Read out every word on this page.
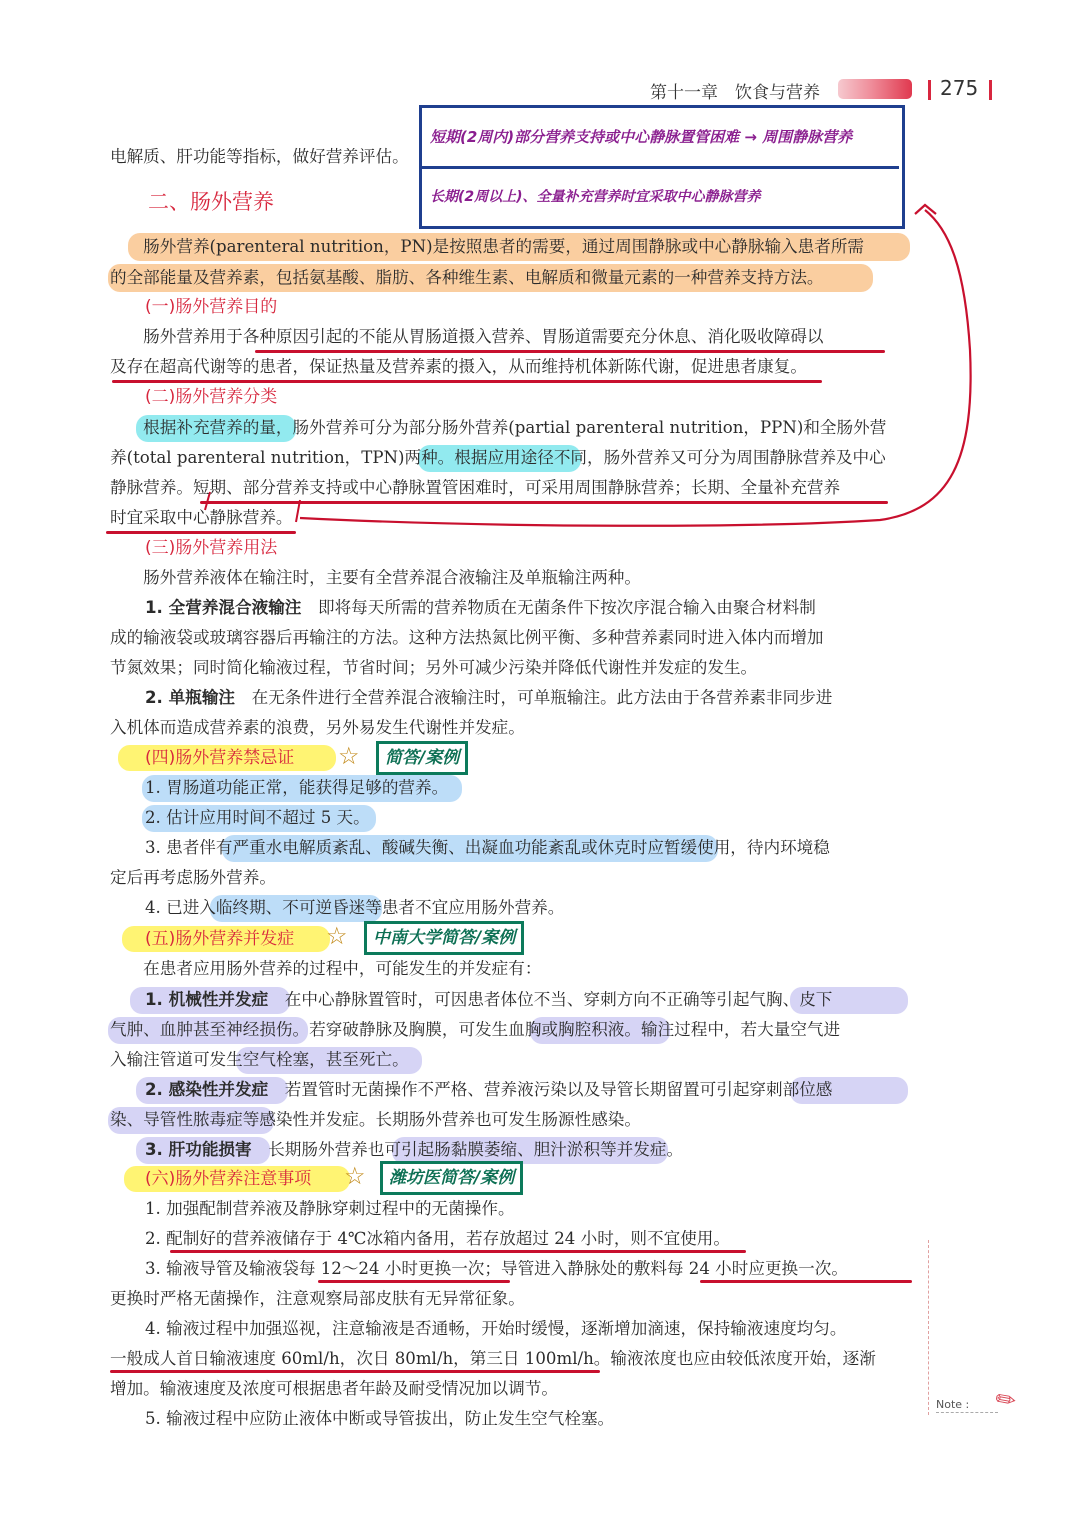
第十一章　饮食与营养	275
短期(2周内)部分营养支持或中心静脉置管困难 → 周围静脉营养
长期(2周以上)、全量补充营养时宜采取中心静脉营养
电解质、肝功能等指标，做好营养评估。
二、肠外营养
　　肠外营养(parenteral nutrition，PN)是按照患者的需要，通过周围静脉或中心静脉输入患者所需
的全部能量及营养素，包括氨基酸、脂肪、各种维生素、电解质和微量元素的一种营养支持方法。
(一)肠外营养目的
　　肠外营养用于各种原因引起的不能从胃肠道摄入营养、胃肠道需要充分休息、消化吸收障碍以
及存在超高代谢等的患者，保证热量及营养素的摄入，从而维持机体新陈代谢，促进患者康复。
(二)肠外营养分类
　　根据补充营养的量，肠外营养可分为部分肠外营养(partial parenteral nutrition，PPN)和全肠外营
养(total parenteral nutrition，TPN)两种。根据应用途径不同，肠外营养又可分为周围静脉营养及中心
静脉营养。短期、部分营养支持或中心静脉置管困难时，可采用周围静脉营养；长期、全量补充营养
时宜采取中心静脉营养。
(三)肠外营养用法
　　肠外营养液体在输注时，主要有全营养混合液输注及单瓶输注两种。
1. 全营养混合液输注　即将每天所需的营养物质在无菌条件下按次序混合输入由聚合材料制
成的输液袋或玻璃容器后再输注的方法。这种方法热氮比例平衡、多种营养素同时进入体内而增加
节氮效果；同时简化输液过程，节省时间；另外可减少污染并降低代谢性并发症的发生。
2. 单瓶输注　在无条件进行全营养混合液输注时，可单瓶输注。此方法由于各营养素非同步进
入机体而造成营养素的浪费，另外易发生代谢性并发症。
(四)肠外营养禁忌证 ☆	简答/案例
1. 胃肠道功能正常，能获得足够的营养。
2. 估计应用时间不超过 5 天。
3. 患者伴有严重水电解质紊乱、酸碱失衡、出凝血功能紊乱或休克时应暂缓使用，待内环境稳
定后再考虑肠外营养。
4. 已进入临终期、不可逆昏迷等患者不宜应用肠外营养。
(五)肠外营养并发症 ☆	中南大学简答/案例
　　在患者应用肠外营养的过程中，可能发生的并发症有：
1. 机械性并发症　在中心静脉置管时，可因患者体位不当、穿刺方向不正确等引起气胸、皮下
气肿、血肿甚至神经损伤。若穿破静脉及胸膜，可发生血胸或胸腔积液。输注过程中，若大量空气进
入输注管道可发生空气栓塞，甚至死亡。
2. 感染性并发症　若置管时无菌操作不严格、营养液污染以及导管长期留置可引起穿刺部位感
染、导管性脓毒症等感染性并发症。长期肠外营养也可发生肠源性感染。
3. 肝功能损害　长期肠外营养也可引起肠黏膜萎缩、胆汁淤积等并发症。
(六)肠外营养注意事项 ☆	潍坊医简答/案例
1. 加强配制营养液及静脉穿刺过程中的无菌操作。
2. 配制好的营养液储存于 4℃冰箱内备用，若存放超过 24 小时，则不宜使用。
3. 输液导管及输液袋每 12～24 小时更换一次；导管进入静脉处的敷料每 24 小时应更换一次。
更换时严格无菌操作，注意观察局部皮肤有无异常征象。
4. 输液过程中加强巡视，注意输液是否通畅，开始时缓慢，逐渐增加滴速，保持输液速度均匀。
一般成人首日输液速度 60ml/h，次日 80ml/h，第三日 100ml/h。输液浓度也应由较低浓度开始，逐渐
增加。输液速度及浓度可根据患者年龄及耐受情况加以调节。
5. 输液过程中应防止液体中断或导管拔出，防止发生空气栓塞。
Note : ✎
